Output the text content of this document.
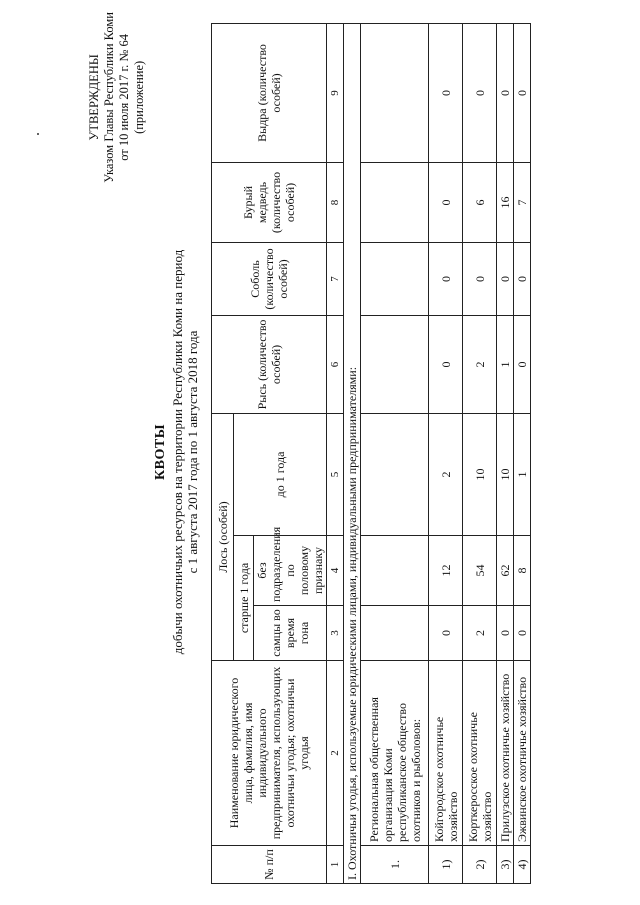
УТВЕРЖДЕНЫ Указом Главы Республики Коми от 10 июля 2017 г. № 64 (приложение)
КВОТЫ добычи охотничьих ресурсов на территории Республики Коми на период с 1 августа 2017 года по 1 августа 2018 года
№ п/п	Наименование юридического лица, фамилия, имя индивидуального предпринимателя, использующих охотничьи угодья; охотничьи угодья	Лось (особей)			Рысь (количество особей)	Соболь (количество особей)	Бурый медведь (количество особей)	Выдра (количество особей)
		старше 1 года		до 1 года				
		самцы во время гона	без подразделения по половому признаку					
1	2	3	4	5	6	7	8	9
I. Охотничьи угодья, используемые юридическими лицами, индивидуальными предпринимателями:								
1.	Региональная общественная организация Коми республиканское общество охотников и рыболовов:							
1)	Койгородское охотничье хозяйство	0	12	2	0	0	0	0
2)	Корткеросское охотничье хозяйство	2	54	10	2	0	6	0
3)	Прилузское охотничье хозяйство	0	62	10	1	0	16	0
4)	Эжвинское охотничье хозяйство	0	8	1	0	0	7	0
